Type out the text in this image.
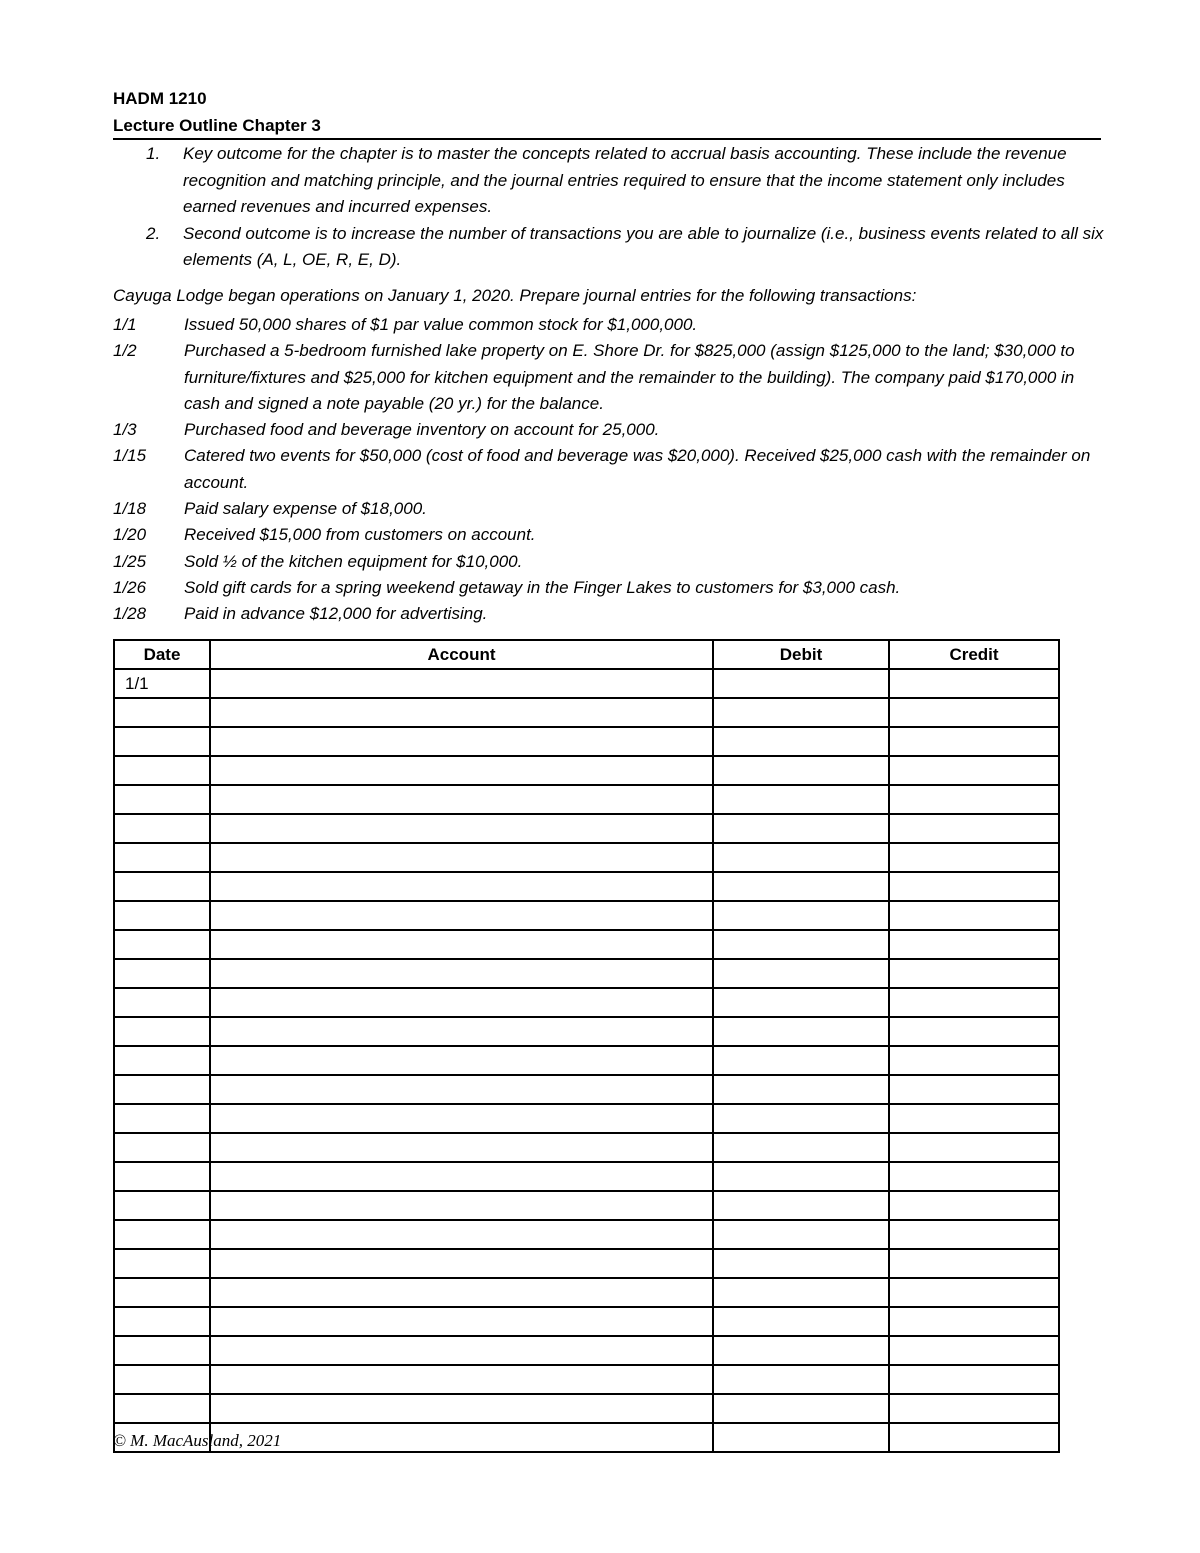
HADM 1210
Lecture Outline Chapter 3
1. Key outcome for the chapter is to master the concepts related to accrual basis accounting. These include the revenue recognition and matching principle, and the journal entries required to ensure that the income statement only includes earned revenues and incurred expenses.
2. Second outcome is to increase the number of transactions you are able to journalize (i.e., business events related to all six elements (A, L, OE, R, E, D).
Cayuga Lodge began operations on January 1, 2020. Prepare journal entries for the following transactions:
1/1	Issued 50,000 shares of $1 par value common stock for $1,000,000.
1/2	Purchased a 5-bedroom furnished lake property on E. Shore Dr. for $825,000 (assign $125,000 to the land; $30,000 to furniture/fixtures and $25,000 for kitchen equipment and the remainder to the building). The company paid $170,000 in cash and signed a note payable (20 yr.) for the balance.
1/3	Purchased food and beverage inventory on account for 25,000.
1/15 Catered two events for $50,000 (cost of food and beverage was $20,000). Received $25,000 cash with the remainder on account.
1/18 Paid salary expense of $18,000.
1/20 Received $15,000 from customers on account.
1/25 Sold ½ of the kitchen equipment for $10,000.
1/26 Sold gift cards for a spring weekend getaway in the Finger Lakes to customers for $3,000 cash.
1/28 Paid in advance $12,000 for advertising.
Date	Account	Debit	Credit
1/1			

© M. MacAusland, 2021
